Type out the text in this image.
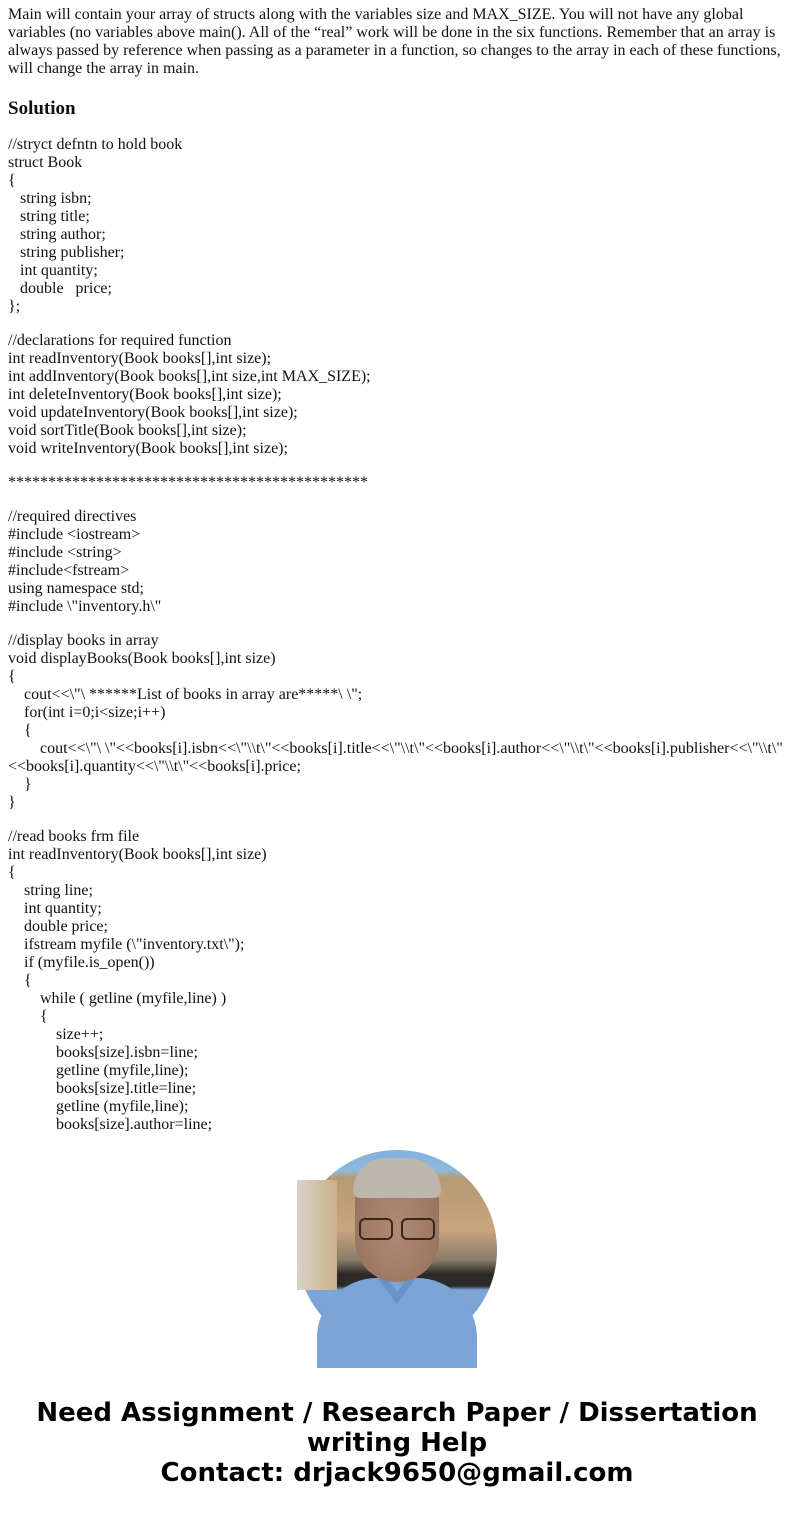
Main will contain your array of structs along with the variables size and MAX_SIZE. You will not have any global variables (no variables above main(). All of the “real” work will be done in the six functions. Remember that an array is always passed by reference when passing as a parameter in a function, so changes to the array in each of these functions, will change the array in main.

Solution
//stryct defntn to hold book
struct Book
{
string isbn;
string title;
string author;
string publisher;
int quantity;
double   price;
};
//declarations for required function
int readInventory(Book books[],int size);
int addInventory(Book books[],int size,int MAX_SIZE);
int deleteInventory(Book books[],int size);
void updateInventory(Book books[],int size);
void sortTitle(Book books[],int size);
void writeInventory(Book books[],int size);
*********************************************
//required directives
#include <iostream>
#include <string>
#include<fstream>
using namespace std;
#include \"inventory.h\"
//display books in array
void displayBooks(Book books[],int size)
{
cout<<\"\ ******List of books in array are*****\ \";
for(int i=0;i<size;i++)
{
cout<<\"\ \"<<books[i].isbn<<\"\\t\"<<books[i].title<<\"\\t\"<<books[i].author<<\"\\t\"<<books[i].publisher<<\"\\t\" <<books[i].quantity<<\"\\t\"<<books[i].price;
}
}
//read books frm file
int readInventory(Book books[],int size)
{
string line;
int quantity;
double price;
ifstream myfile (\"inventory.txt\");
if (myfile.is_open())
{
while ( getline (myfile,line) )
{
size++;
books[size].isbn=line;
getline (myfile,line);
books[size].title=line;
getline (myfile,line);
books[size].author=line;
Need Assignment / Research Paper / Dissertation
writing Help
Contact: drjack9650@gmail.com
